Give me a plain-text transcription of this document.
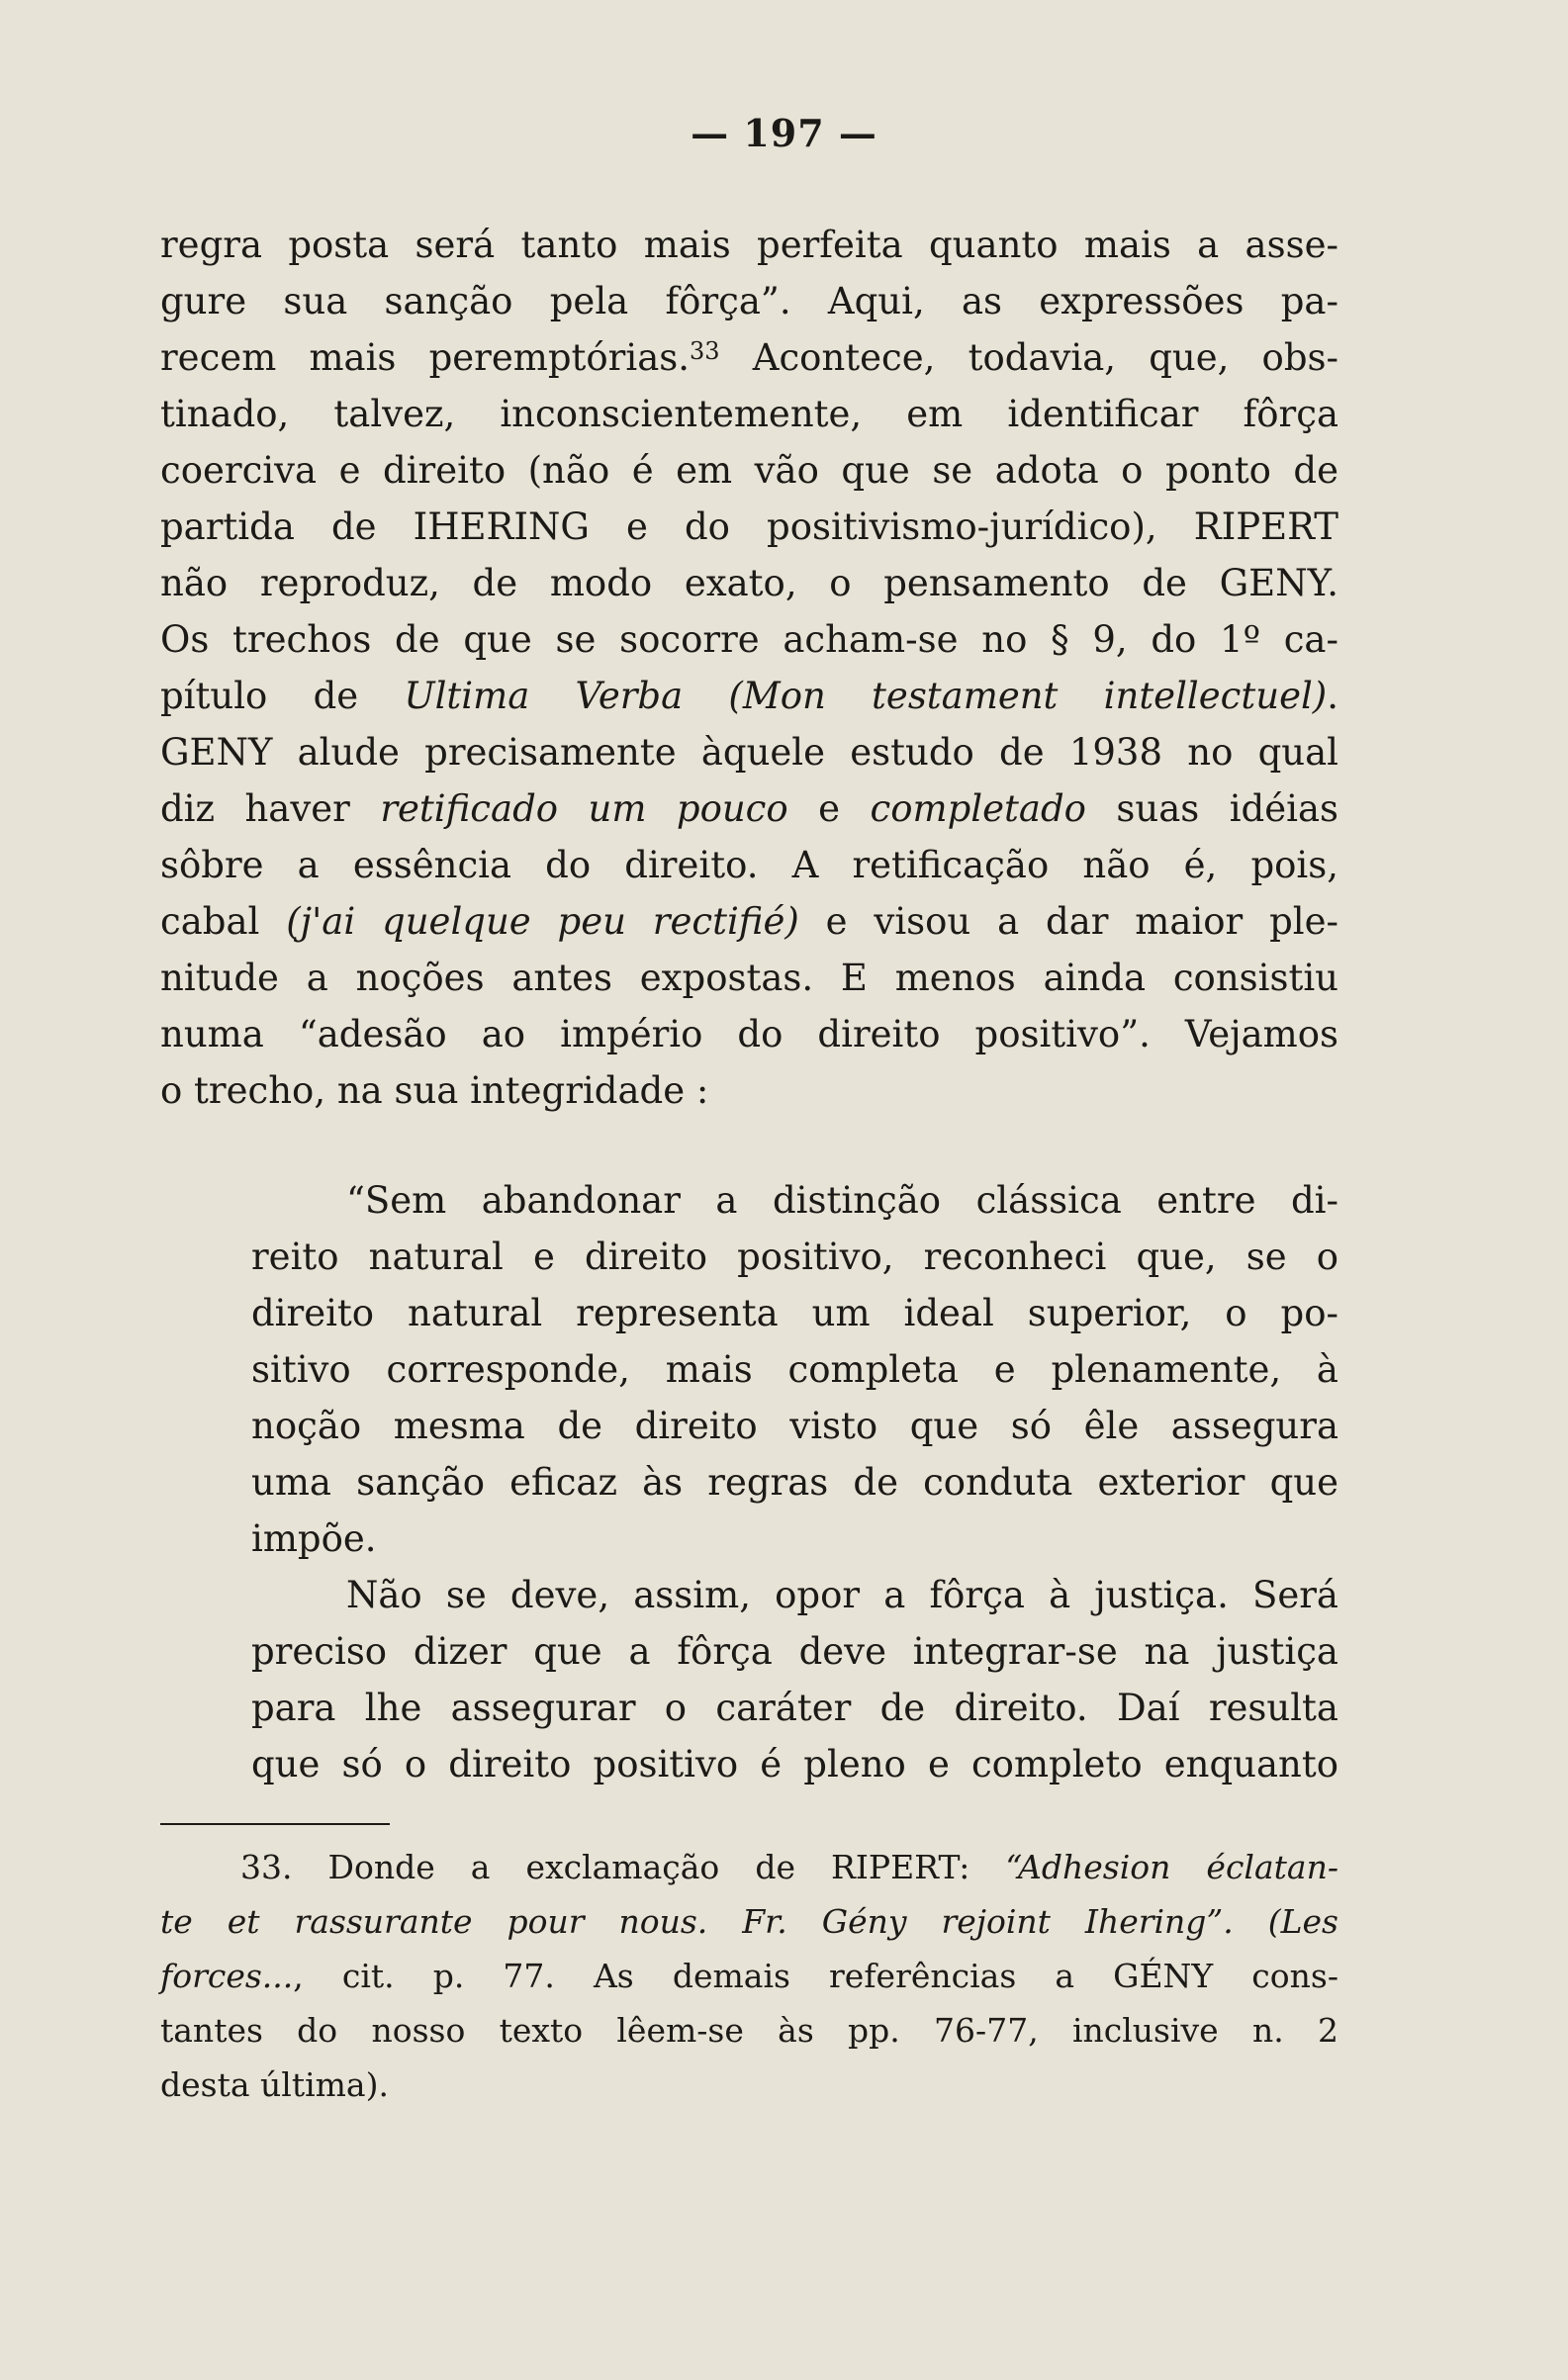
— 197 —
regra posta será tanto mais perfeita quanto mais a asse-
gure sua sanção pela fôrça”. Aqui, as expressões pa-
recem mais peremptórias.$^{33}$ Acontece, todavia, que, obs-
tinado, talvez, inconscientemente, em identificar fôrça
coerciva e direito (não é em vão que se adota o ponto de
partida de IHERING e do positivismo-jurídico), RIPERT
não reproduz, de modo exato, o pensamento de GENY.
Os trechos de que se socorre acham-se no § 9, do 1º ca-
pítulo de Ultima Verba (Mon testament intellectuel).
GENY alude precisamente àquele estudo de 1938 no qual
diz haver retificado um pouco e completado suas idéias
sôbre a essência do direito. A retificação não é, pois,
cabal (j'ai quelque peu rectifié) e visou a dar maior ple-
nitude a noções antes expostas. E menos ainda consistiu
numa “adesão ao império do direito positivo”. Vejamos
o trecho, na sua integridade :
“Sem abandonar a distinção clássica entre di-
reito natural e direito positivo, reconheci que, se o
direito natural representa um ideal superior, o po-
sitivo corresponde, mais completa e plenamente, à
noção mesma de direito visto que só êle assegura
uma sanção eficaz às regras de conduta exterior que
impõe.
Não se deve, assim, opor a fôrça à justiça. Será
preciso dizer que a fôrça deve integrar-se na justiça
para lhe assegurar o caráter de direito. Daí resulta
que só o direito positivo é pleno e completo enquanto
33. Donde a exclamação de RIPERT: “Adhesion éclatan-
te et rassurante pour nous. Fr. Gény rejoint Ihering”. (Les
forces..., cit. p. 77. As demais referências a GÉNY cons-
tantes do nosso texto lêem-se às pp. 76-77, inclusive n. 2
desta última).
